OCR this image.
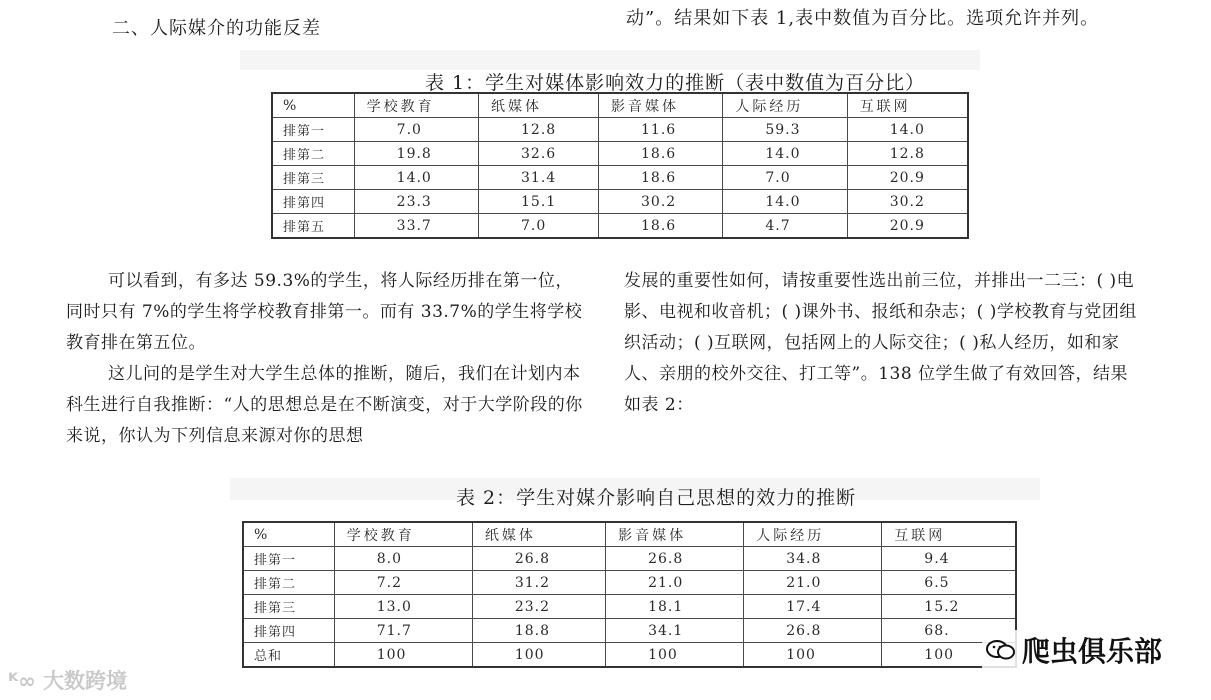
二、人际媒介的功能反差	动”。结果如下表 1,表中数值为百分比。选项允许并列。
表 1：学生对媒体影响效力的推断（表中数值为百分比）
%	学校教育	纸媒体	影音媒体	人际经历	互联网
排第一	7.0	12.8	11.6	59.3	14.0
排第二	19.8	32.6	18.6	14.0	12.8
排第三	14.0	31.4	18.6	7.0	20.9
排第四	23.3	15.1	30.2	14.0	30.2
排第五	33.7	7.0	18.6	4.7	20.9

可以看到，有多达 59.3%的学生，将人际经历排在第一位，同时只有 7%的学生将学校教育排第一。而有 33.7%的学生将学校教育排在第五位。

这儿问的是学生对大学生总体的推断，随后，我们在计划内本科生进行自我推断：“人的思想总是在不断演变，对于大学阶段的你来说，你认为下列信息来源对你的思想

发展的重要性如何，请按重要性选出前三位，并排出一二三：( )电影、电视和收音机；( )课外书、报纸和杂志；( )学校教育与党团组织活动；( )互联网，包括网上的人际交往；( )私人经历，如和家人、亲朋的校外交往、打工等”。138 位学生做了有效回答，结果如表 2：

表 2：学生对媒介影响自己思想的效力的推断
%	学校教育	纸媒体	影音媒体	人际经历	互联网
排第一	8.0	26.8	26.8	34.8	9.4
排第二	7.2	31.2	21.0	21.0	6.5
排第三	13.0	23.2	18.1	17.4	15.2
排第四	71.7	18.8	34.1	26.8	68.
总和	100	100	100	100	100
ᴷ∞ 大数跨境
爬虫俱乐部
